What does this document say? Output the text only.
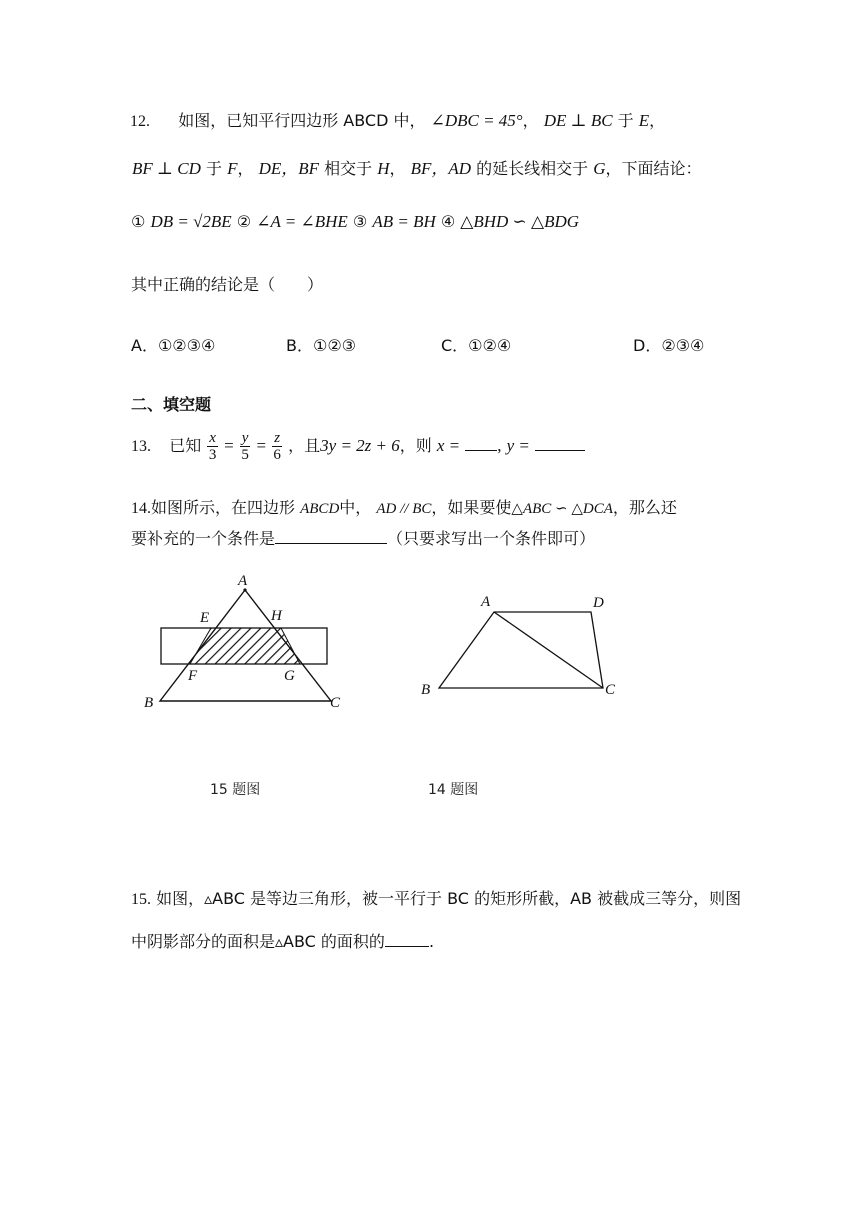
12. 如图，已知平行四边形 ABCD 中， ∠DBC = 45°， DE ⊥ BC 于 E，
BF ⊥ CD 于 F， DE，BF 相交于 H， BF，AD 的延长线相交于 G，下面结论：
① DB = √2BE ② ∠A = ∠BHE ③ AB = BH ④ △BHD ∽ △BDG
其中正确的结论是（　　）
A．①②③④	B．①②③	C．①②④	D．②③④
二、填空题
13. 已知 $\frac{x}{3} = \frac{y}{5} = \frac{z}{6}$ ，且3y = 2z + 6，则 x = , y =
14.如图所示，在四边形 ABCD中， AD // BC，如果要使△ABC ∽ △DCA，那么还
要补充的一个条件是	（只要求写出一个条件即可）
A
E	H
F	G
B	C
A	D
B	C
15 题图	14 题图
15. 如图，▵ABC 是等边三角形，被一平行于 BC 的矩形所截，AB 被截成三等分，则图
中阴影部分的面积是▵ABC 的面积的	.
